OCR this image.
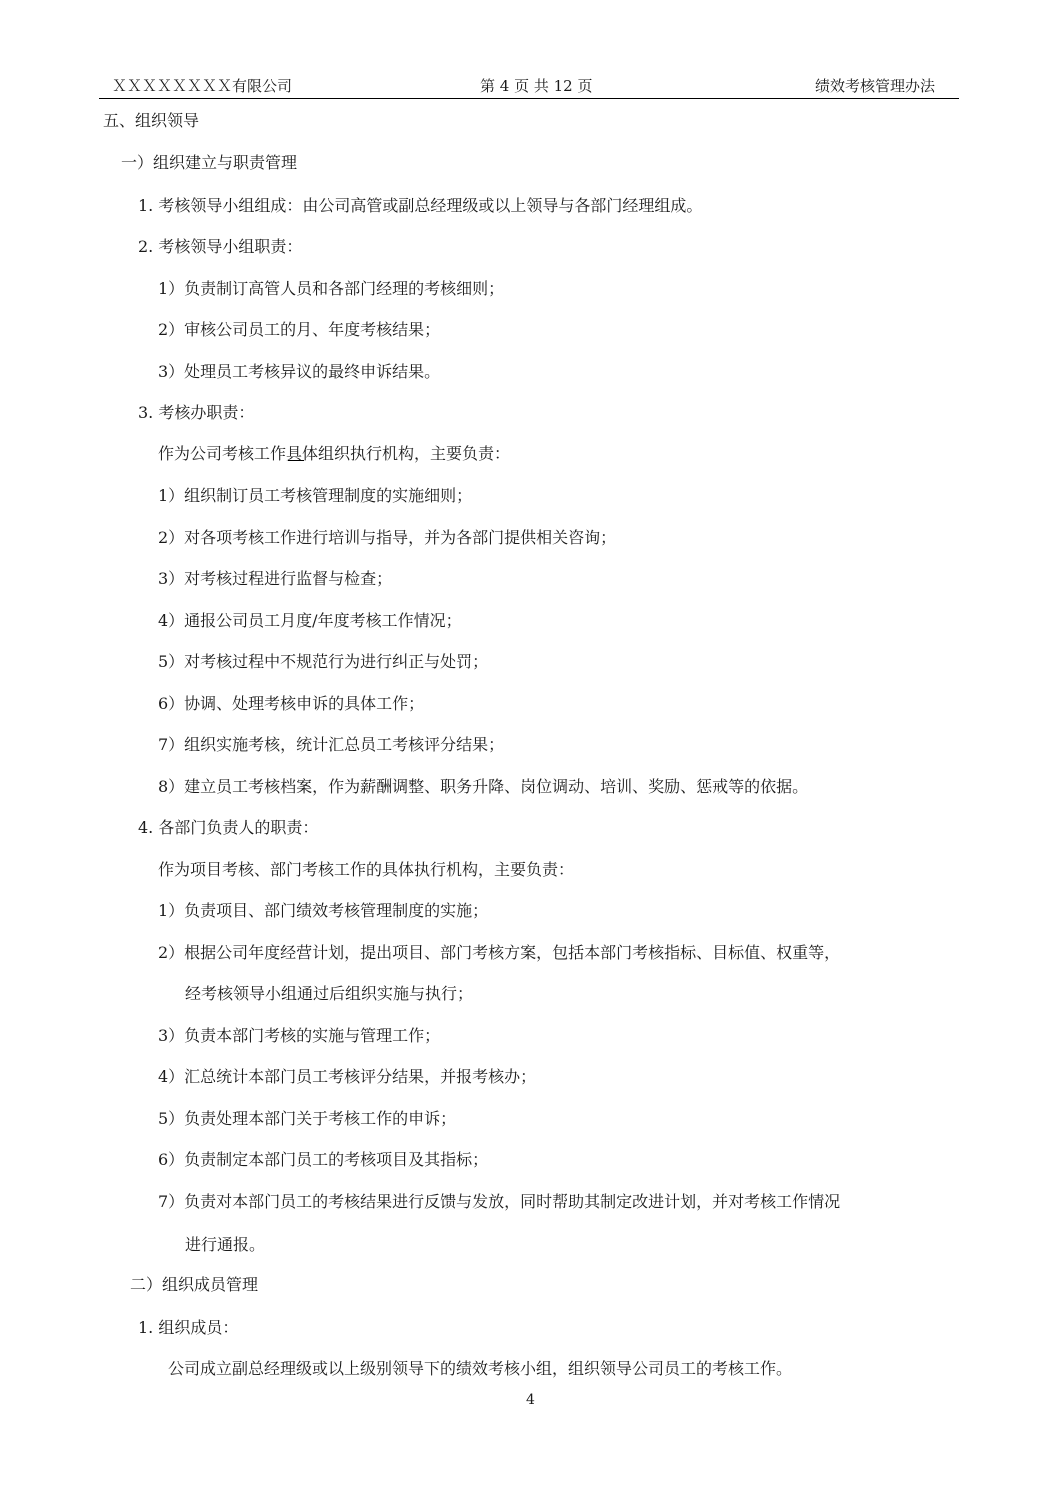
ＸＸＸＸＸＸＸＸ有限公司	第 4 页 共 12 页	绩效考核管理办法
五、组织领导
一）组织建立与职责管理
1. 考核领导小组组成：由公司高管或副总经理级或以上领导与各部门经理组成。
2. 考核领导小组职责：
1）负责制订高管人员和各部门经理的考核细则；
2）审核公司员工的月、年度考核结果；
3）处理员工考核异议的最终申诉结果。
3. 考核办职责：
作为公司考核工作具体组织执行机构，主要负责：
1）组织制订员工考核管理制度的实施细则；
2）对各项考核工作进行培训与指导，并为各部门提供相关咨询；
3）对考核过程进行监督与检查；
4）通报公司员工月度/年度考核工作情况；
5）对考核过程中不规范行为进行纠正与处罚；
6）协调、处理考核申诉的具体工作；
7）组织实施考核，统计汇总员工考核评分结果；
8）建立员工考核档案，作为薪酬调整、职务升降、岗位调动、培训、奖励、惩戒等的依据。
4. 各部门负责人的职责：
作为项目考核、部门考核工作的具体执行机构，主要负责：
1）负责项目、部门绩效考核管理制度的实施；
2）根据公司年度经营计划，提出项目、部门考核方案，包括本部门考核指标、目标值、权重等，
经考核领导小组通过后组织实施与执行；
3）负责本部门考核的实施与管理工作；
4）汇总统计本部门员工考核评分结果，并报考核办；
5）负责处理本部门关于考核工作的申诉；
6）负责制定本部门员工的考核项目及其指标；
7）负责对本部门员工的考核结果进行反馈与发放，同时帮助其制定改进计划，并对考核工作情况
进行通报。
二）组织成员管理
1. 组织成员：
公司成立副总经理级或以上级别领导下的绩效考核小组，组织领导公司员工的考核工作。
4
